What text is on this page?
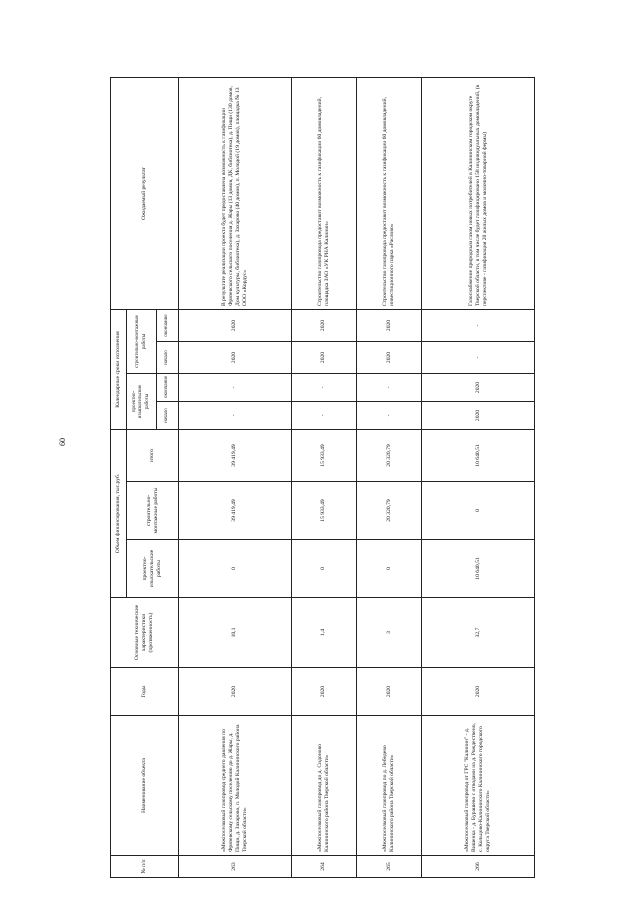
60
№ п/п	Наименование объекта	Годы	Основные технические характеристики (протяженность)	Объем финансирования, тыс.руб.			Календарные сроки исполнения				Ожидаемый результат
				проектно-изыскательские работы	строительно-монтажные работы	итого	проектно-изыскательские работы		строительно-монтажные работы		
							начало	окончание	начало	окончание	
263	«Межпоселковый газопровод среднего давления по Фрязевскому сельскому поселению до д. Жары, д. Пищи, д. Захарово, п. Молодой Калининского района Тверской области»	2020	10,1	0	39 419,49	39 419,49	-	-	2020	2020	В результате реализации проекта будет предоставлена возможность к газификации Фрязевского сельского поселения д. Жары (13 домов, ДК, библиотека), д. Пищи (130 домов, Дом культуры, библиотека), д. Захарово (40 домов), п. Молодой (19 домов), площадка № 13 ООО «Кордус»
264	«Межпоселковый газопровод до д. Сидоново Калининского района Тверской области»	2020	1,4	0	15 933,49	15 933,49	-	-	2020	2020	Строительство газопровода предоставит возможность к газификации 60 домовладений, площадка ЗАО «УК РНА Калинин»
265	«Межпоселковый газопровод по д. Лебедево Калининского района Тверской области»	2020	3	0	20 320,79	20 320,79	-	-	2020	2020	Строительство газопровода предоставит возможность к газификации 60 домовладений, инвестиционного парка «Раслово»
266	«Межпоселковый газопровод от ГРС "Калинин" - д. Вишенка - д. Бурашево с отводами на д. Рождествено, с. Кольцово-Калининского Калининского городского округа Тверской области»	2020	32,7	10 640,51	0	10 640,51	2020	2020	-	-	Газоснабжение природным газом новых потребителей в Калининском городском округе Тверской области, в том числе будет газифицировано 158 индивидуальных домовладений, (в перспективе - газификация 20 жилых домов и молочно-товарной фермы)
